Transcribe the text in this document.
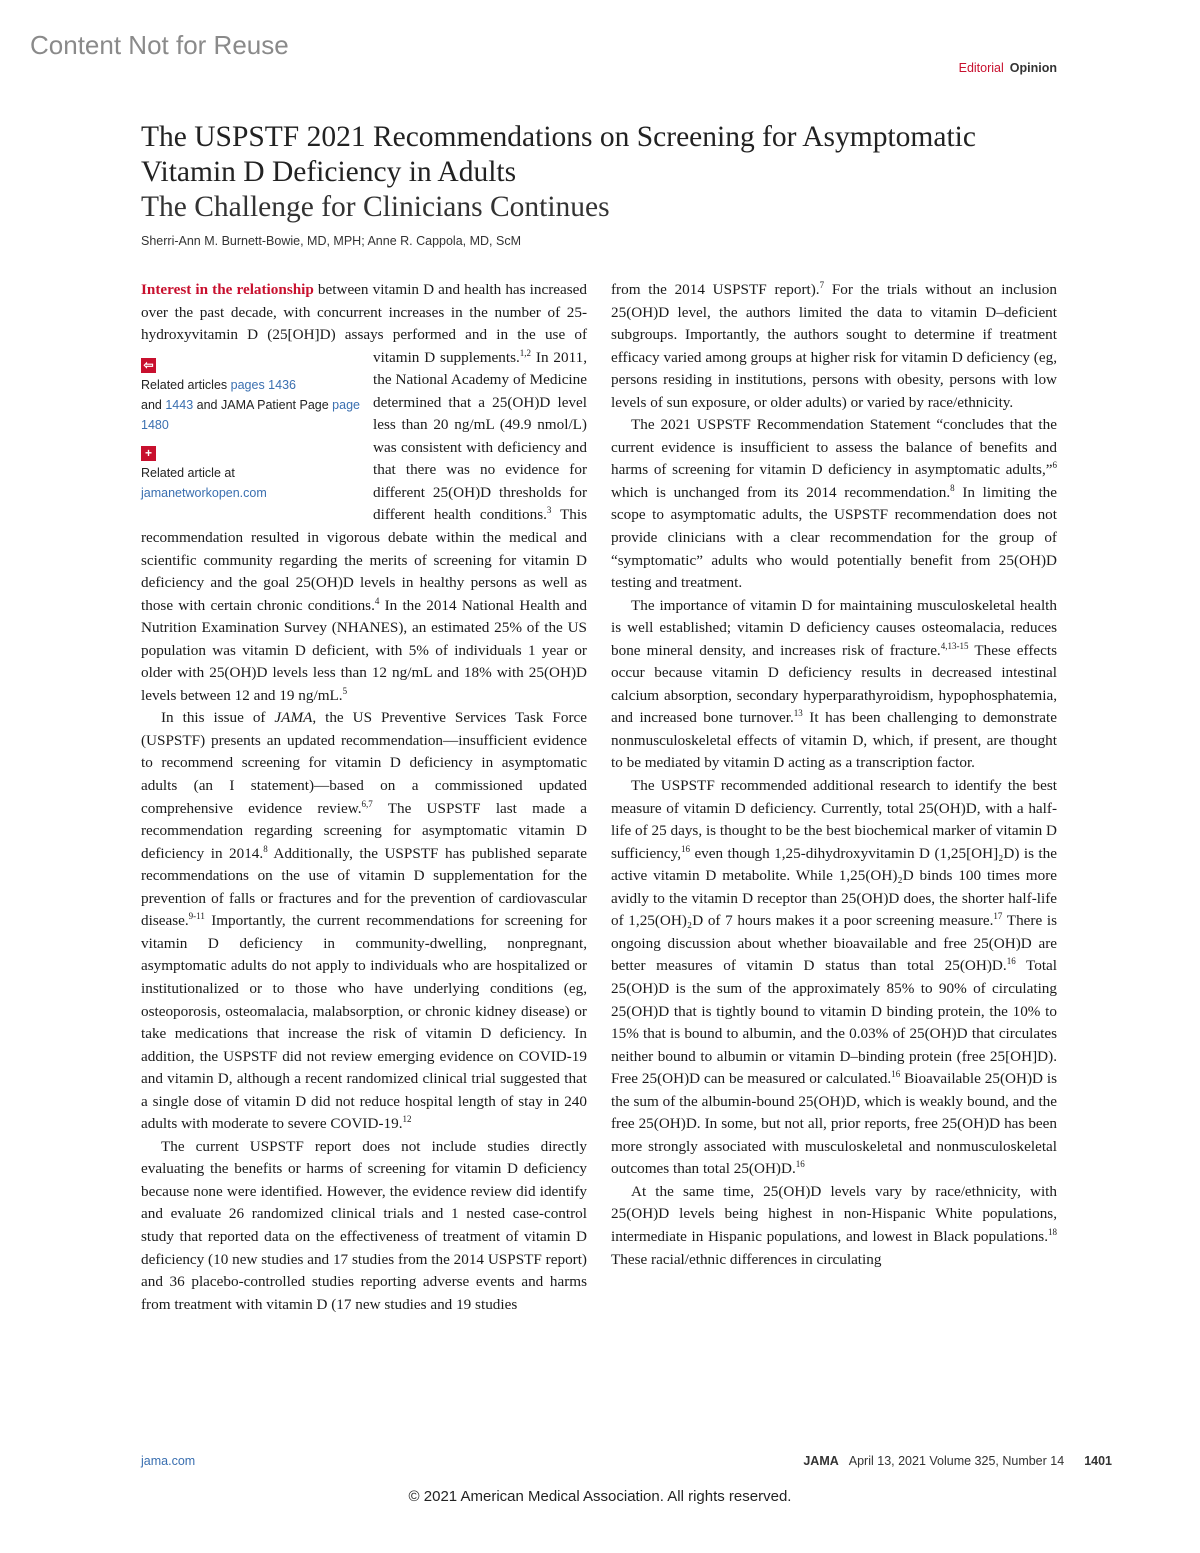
Content Not for Reuse
Editorial Opinion
The USPSTF 2021 Recommendations on Screening for Asymptomatic Vitamin D Deficiency in Adults
The Challenge for Clinicians Continues
Sherri-Ann M. Burnett-Bowie, MD, MPH; Anne R. Cappola, MD, ScM

Interest in the relationship between vitamin D and health has increased over the past decade, with concurrent increases in the number of 25-hydroxyvitamin D (25[OH]D) assays performed and in the use of vitamin D supplements.$^{1,2}$
⇦
Related articles pages 1436
and 1443 and JAMA Patient Page page 1480
+
Related article at
jamanetworkopen.com
In 2011, the National Academy of Medicine determined that a 25(OH)D level less than 20 ng/mL (49.9 nmol/L) was consistent with deficiency and that there was no evidence for different 25(OH)D thresholds for different health conditions.$^3$ This recommendation resulted in vigorous debate within the medical and scientific community regarding the merits of screening for vitamin D deficiency and the goal 25(OH)D levels in healthy persons as well as those with certain chronic conditions.$^4$ In the 2014 National Health and Nutrition Examination Survey (NHANES), an estimated 25% of the US population was vitamin D deficient, with 5% of individuals 1 year or older with 25(OH)D levels less than 12 ng/mL and 18% with 25(OH)D levels between 12 and 19 ng/mL.$^5$

In this issue of JAMA, the US Preventive Services Task Force (USPSTF) presents an updated recommendation—insufficient evidence to recommend screening for vitamin D deficiency in asymptomatic adults (an I statement)—based on a commissioned updated comprehensive evidence review.$^{6,7}$ The USPSTF last made a recommendation regarding screening for asymptomatic vitamin D deficiency in 2014.$^8$ Additionally, the USPSTF has published separate recommendations on the use of vitamin D supplementation for the prevention of falls or fractures and for the prevention of cardiovascular disease.$^{9-11}$ Importantly, the current recommendations for screening for vitamin D deficiency in community-dwelling, nonpregnant, asymptomatic adults do not apply to individuals who are hospitalized or institutionalized or to those who have underlying conditions (eg, osteoporosis, osteomalacia, malabsorption, or chronic kidney disease) or take medications that increase the risk of vitamin D deficiency. In addition, the USPSTF did not review emerging evidence on COVID-19 and vitamin D, although a recent randomized clinical trial suggested that a single dose of vitamin D did not reduce hospital length of stay in 240 adults with moderate to severe COVID-19.12

The current USPSTF report does not include studies directly evaluating the benefits or harms of screening for vitamin D deficiency because none were identified. However, the evidence review did identify and evaluate 26 randomized clinical trials and 1 nested case-control study that reported data on the effectiveness of treatment of vitamin D deficiency (10 new studies and 17 studies from the 2014 USPSTF report) and 36 placebo-controlled studies reporting adverse events and harms from treatment with vitamin D (17 new studies and 19 studies

from the 2014 USPSTF report).$^7$ For the trials without an inclusion 25(OH)D level, the authors limited the data to vitamin D–deficient subgroups. Importantly, the authors sought to determine if treatment efficacy varied among groups at higher risk for vitamin D deficiency (eg, persons residing in institutions, persons with obesity, persons with low levels of sun exposure, or older adults) or varied by race/ethnicity.

The 2021 USPSTF Recommendation Statement “concludes that the current evidence is insufficient to assess the balance of benefits and harms of screening for vitamin D deficiency in asymptomatic adults,”$^6$ which is unchanged from its 2014 recommendation.$^8$ In limiting the scope to asymptomatic adults, the USPSTF recommendation does not provide clinicians with a clear recommendation for the group of “symptomatic” adults who would potentially benefit from 25(OH)D testing and treatment.

The importance of vitamin D for maintaining musculoskeletal health is well established; vitamin D deficiency causes osteomalacia, reduces bone mineral density, and increases risk of fracture.$^{4,13-15}$ These effects occur because vitamin D deficiency results in decreased intestinal calcium absorption, secondary hyperparathyroidism, hypophosphatemia, and increased bone turnover.$^{13}$ It has been challenging to demonstrate nonmusculoskeletal effects of vitamin D, which, if present, are thought to be mediated by vitamin D acting as a transcription factor.

The USPSTF recommended additional research to identify the best measure of vitamin D deficiency. Currently, total 25(OH)D, with a half-life of 25 days, is thought to be the best biochemical marker of vitamin D sufficiency,$^{16}$ even though 1,25-dihydroxyvitamin D (1,25[OH]₂D) is the active vitamin D metabolite. While 1,25(OH)₂D binds 100 times more avidly to the vitamin D receptor than 25(OH)D does, the shorter half-life of 1,25(OH)₂D of 7 hours makes it a poor screening measure.$^{17}$ There is ongoing discussion about whether bioavailable and free 25(OH)D are better measures of vitamin D status than total 25(OH)D.$^{16}$ Total 25(OH)D is the sum of the approximately 85% to 90% of circulating 25(OH)D that is tightly bound to vitamin D binding protein, the 10% to 15% that is bound to albumin, and the 0.03% of 25(OH)D that circulates neither bound to albumin or vitamin D–binding protein (free 25[OH]D). Free 25(OH)D can be measured or calculated.$^{16}$ Bioavailable 25(OH)D is the sum of the albumin-bound 25(OH)D, which is weakly bound, and the free 25(OH)D. In some, but not all, prior reports, free 25(OH)D has been more strongly associated with musculoskeletal and nonmusculoskeletal outcomes than total 25(OH)D.$^{16}$

At the same time, 25(OH)D levels vary by race/ethnicity, with 25(OH)D levels being highest in non-Hispanic White populations, intermediate in Hispanic populations, and lowest in Black populations.$^{18}$ These racial/ethnic differences in circulating

jama.com	JAMA April 13, 2021 Volume 325, Number 14 1401
© 2021 American Medical Association. All rights reserved.
